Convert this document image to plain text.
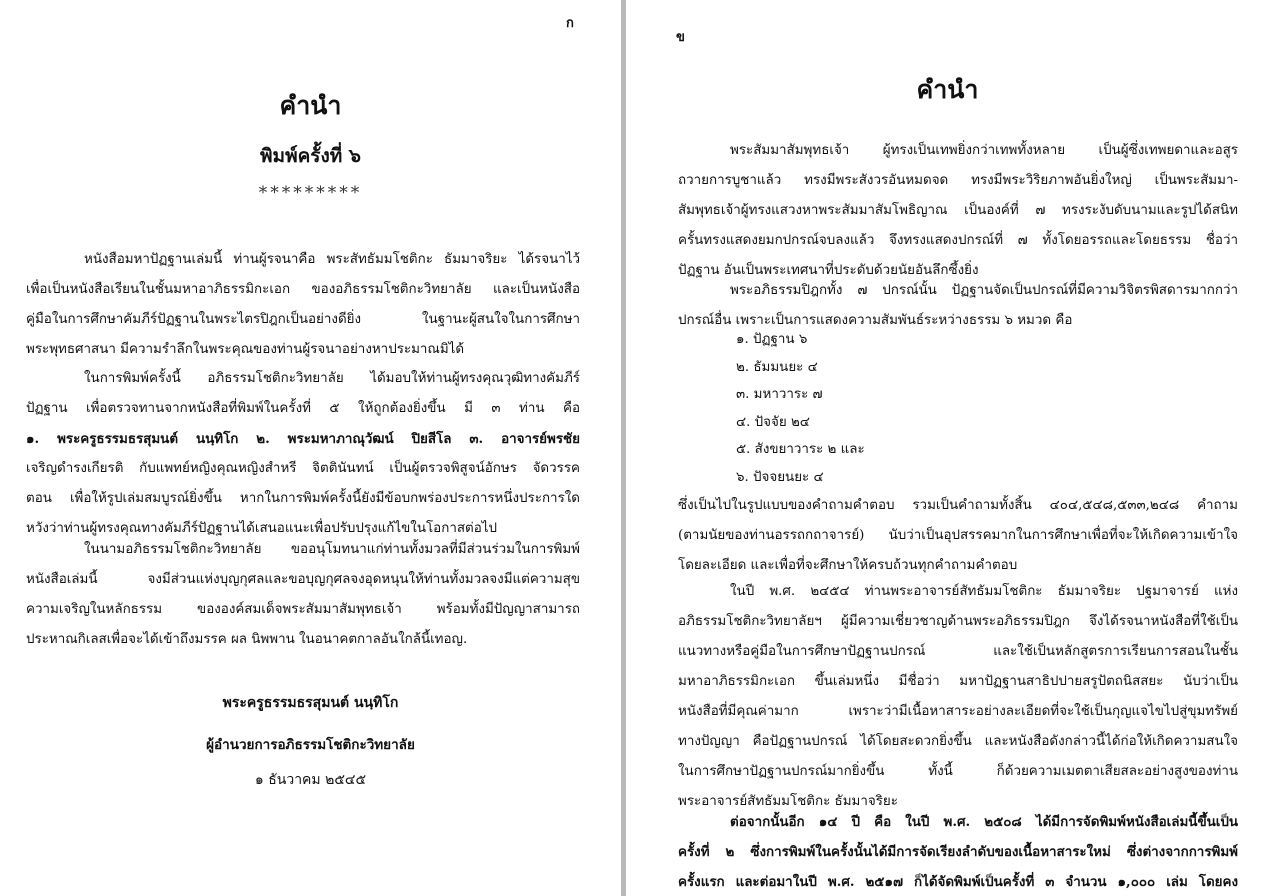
ก
คำนำ
พิมพ์ครั้งที่ ๖
*********

หนังสือมหาปัฏฐานเล่มนี้ ท่านผู้รจนาคือ พระสัทธัมมโชติกะ ธัมมาจริยะ ได้รจนาไว้
เพื่อเป็นหนังสือเรียนในชั้นมหาอาภิธรรมิกะเอก ของอภิธรรมโชติกะวิทยาลัย และเป็นหนังสือ
คู่มือในการศึกษาคัมภีร์ปัฏฐานในพระไตรปิฎกเป็นอย่างดียิ่ง ในฐานะผู้สนใจในการศึกษา
พระพุทธศาสนา มีความรำลึกในพระคุณของท่านผู้รจนาอย่างหาประมาณมิได้

ในการพิมพ์ครั้งนี้ อภิธรรมโชติกะวิทยาลัย ได้มอบให้ท่านผู้ทรงคุณวุฒิทางคัมภีร์
ปัฏฐาน เพื่อตรวจทานจากหนังสือที่พิมพ์ในครั้งที่ ๕ ให้ถูกต้องยิ่งขึ้น มี ๓ ท่าน คือ
๑. พระครูธรรมธรสุมนต์ นนฺทิโก ๒. พระมหาภาณุวัฒน์ ปิยสีโล ๓. อาจารย์พรชัย
เจริญดำรงเกียรติ กับแพทย์หญิงคุณหญิงสำหรี จิตตินันทน์ เป็นผู้ตรวจพิสูจน์อักษร จัดวรรค
ตอน เพื่อให้รูปเล่มสมบูรณ์ยิ่งขึ้น หากในการพิมพ์ครั้งนี้ยังมีข้อบกพร่องประการหนึ่งประการใด
หวังว่าท่านผู้ทรงคุณทางคัมภีร์ปัฏฐานได้เสนอแนะเพื่อปรับปรุงแก้ไขในโอกาสต่อไป

ในนามอภิธรรมโชติกะวิทยาลัย ขออนุโมทนาแก่ท่านทั้งมวลที่มีส่วนร่วมในการพิมพ์
หนังสือเล่มนี้ จงมีส่วนแห่งบุญกุศลและขอบุญกุศลจงอุดหนุนให้ท่านทั้งมวลจงมีแต่ความสุข
ความเจริญในหลักธรรม ขององค์สมเด็จพระสัมมาสัมพุทธเจ้า พร้อมทั้งมีปัญญาสามารถ
ประหาณกิเลสเพื่อจะได้เข้าถึงมรรค ผล นิพพาน ในอนาคตกาลอันใกล้นี้เทอญ.

พระครูธรรมธรสุมนต์ นนฺทิโก
ผู้อำนวยการอภิธรรมโชติกะวิทยาลัย
๑ ธันวาคม ๒๕๔๕
ข
คำนำ

พระสัมมาสัมพุทธเจ้า ผู้ทรงเป็นเทพยิ่งกว่าเทพทั้งหลาย เป็นผู้ซึ่งเทพยดาและอสูร
ถวายการบูชาแล้ว ทรงมีพระสังวรอันหมดจด ทรงมีพระวิริยภาพอันยิ่งใหญ่ เป็นพระสัมมา-
สัมพุทธเจ้าผู้ทรงแสวงหาพระสัมมาสัมโพธิญาณ เป็นองค์ที่ ๗ ทรงระงับดับนามและรูปได้สนิท
ครั้นทรงแสดงยมกปกรณ์จบลงแล้ว จึงทรงแสดงปกรณ์ที่ ๗ ทั้งโดยอรรถและโดยธรรม ชื่อว่า
ปัฏฐาน อันเป็นพระเทศนาที่ประดับด้วยนัยอันลึกซึ้งยิ่ง

พระอภิธรรมปิฎกทั้ง ๗ ปกรณ์นั้น ปัฏฐานจัดเป็นปกรณ์ที่มีความวิจิตรพิสดารมากกว่า
ปกรณ์อื่น เพราะเป็นการแสดงความสัมพันธ์ระหว่างธรรม ๖ หมวด คือ

๑. ปัฏฐาน ๖
๒. ธัมมนยะ ๔
๓. มหาวาระ ๗
๔. ปัจจัย ๒๔
๕. สังขยาวาระ ๒ และ
๖. ปัจจยนยะ ๔

ซึ่งเป็นไปในรูปแบบของคำถามคำตอบ รวมเป็นคำถามทั้งสิ้น ๔๐๔,๕๔๘,๕๓๓,๒๔๘ คำถาม
(ตามนัยของท่านอรรถกถาจารย์) นับว่าเป็นอุปสรรคมากในการศึกษาเพื่อที่จะให้เกิดความเข้าใจ
โดยละเอียด และเพื่อที่จะศึกษาให้ครบถ้วนทุกคำถามคำตอบ

ในปี พ.ศ. ๒๔๕๔ ท่านพระอาจารย์สัทธัมมโชติกะ ธัมมาจริยะ ปฐมาจารย์ แห่ง
อภิธรรมโชติกะวิทยาลัยฯ ผู้มีความเชี่ยวชาญด้านพระอภิธรรมปิฎก จึงได้รจนาหนังสือที่ใช้เป็น
แนวทางหรือคู่มือในการศึกษาปัฏฐานปกรณ์ และใช้เป็นหลักสูตรการเรียนการสอนในชั้น
มหาอาภิธรรมิกะเอก ขึ้นเล่มหนึ่ง มีชื่อว่า มหาปัฏฐานสาธิปปายสรูปัตถนิสสยะ นับว่าเป็น
หนังสือที่มีคุณค่ามาก เพราะว่ามีเนื้อหาสาระอย่างละเอียดที่จะใช้เป็นกุญแจไขไปสู่ขุมทรัพย์
ทางปัญญา คือปัฏฐานปกรณ์ ได้โดยสะดวกยิ่งขึ้น และหนังสือดังกล่าวนี้ได้ก่อให้เกิดความสนใจ
ในการศึกษาปัฏฐานปกรณ์มากยิ่งขึ้น ทั้งนี้ ก็ด้วยความเมตตาเสียสละอย่างสูงของท่าน
พระอาจารย์สัทธัมมโชติกะ ธัมมาจริยะ

ต่อจากนั้นอีก ๑๔ ปี คือ ในปี พ.ศ. ๒๕๐๘ ได้มีการจัดพิมพ์หนังสือเล่มนี้ขึ้นเป็น
ครั้งที่ ๒ ซึ่งการพิมพ์ในครั้งนั้นได้มีการจัดเรียงลำดับของเนื้อหาสาระใหม่ ซึ่งต่างจากการพิมพ์
ครั้งแรก และต่อมาในปี พ.ศ. ๒๕๑๗ ก็ได้จัดพิมพ์เป็นครั้งที่ ๓ จำนวน ๑,๐๐๐ เล่ม โดยคง
